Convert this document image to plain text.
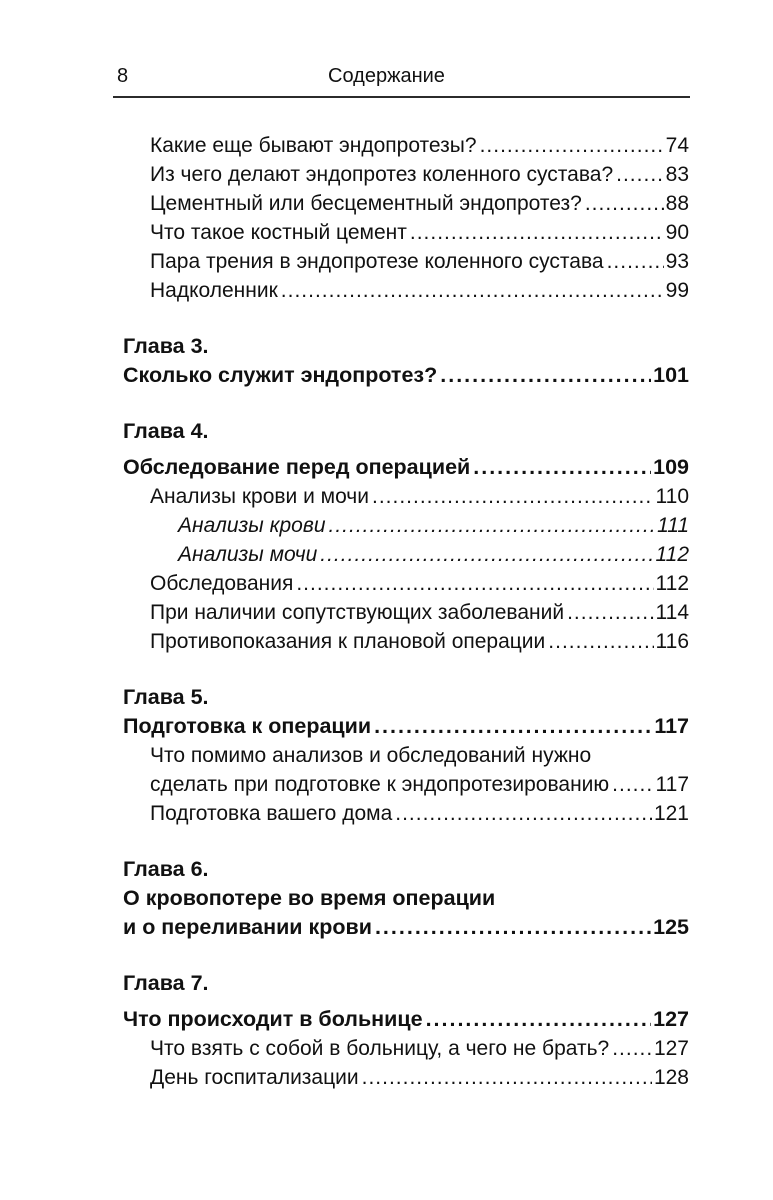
8	Содержание
Какие еще бывают эндопротезы? .....	74
Из чего делают эндопротез коленного сустава? .....	83
Цементный или бесцементный эндопротез? .....	88
Что такое костный цемент .....	90
Пара трения в эндопротезе коленного сустава .....	93
Надколенник .....	99
Глава 3.
Сколько служит эндопротез? .....	101
Глава 4.
Обследование перед операцией .....	109
Анализы крови и мочи .....	110
Анализы крови .....	111
Анализы мочи .....	112
Обследования .....	112
При наличии сопутствующих заболеваний .....	114
Противопоказания к плановой операции .....	116
Глава 5.
Подготовка к операции .....	117
Что помимо анализов и обследований нужно
сделать при подготовке к эндопротезированию ..... 117
Подготовка вашего дома .....	121
Глава 6.
О кровопотере во время операции
и о переливании крови .....	125
Глава 7.
Что происходит в больнице .....	127
Что взять с собой в больницу, а чего не брать? ..... 127
День госпитализации .....	128
